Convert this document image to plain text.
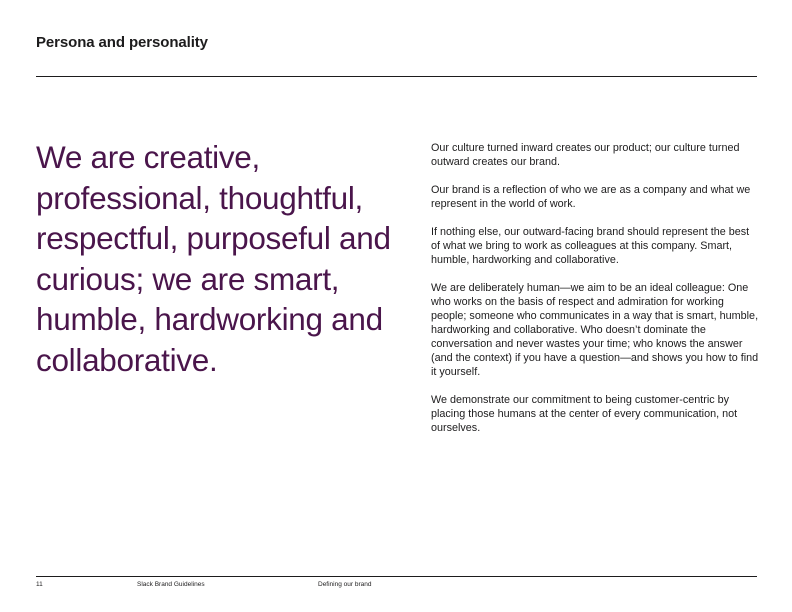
Persona and personality
We are creative, professional, thoughtful, respectful, purposeful and curious; we are smart, humble, hardworking and collaborative.

Our culture turned inward creates our product; our culture turned outward creates our brand.

Our brand is a reflection of who we are as a company and what we represent in the world of work.

If nothing else, our outward-facing brand should represent the best of what we bring to work as colleagues at this company. Smart, humble, hardworking and collaborative.

We are deliberately human—we aim to be an ideal colleague: One who works on the basis of respect and admiration for working people; someone who communicates in a way that is smart, humble, hardworking and collaborative. Who doesn’t dominate the conversation and never wastes your time; who knows the answer (and the context) if you have a question—and shows you how to find it yourself.

We demonstrate our commitment to being customer-centric by placing those humans at the center of every communication, not ourselves.

11	Slack Brand Guidelines	Defining our brand
